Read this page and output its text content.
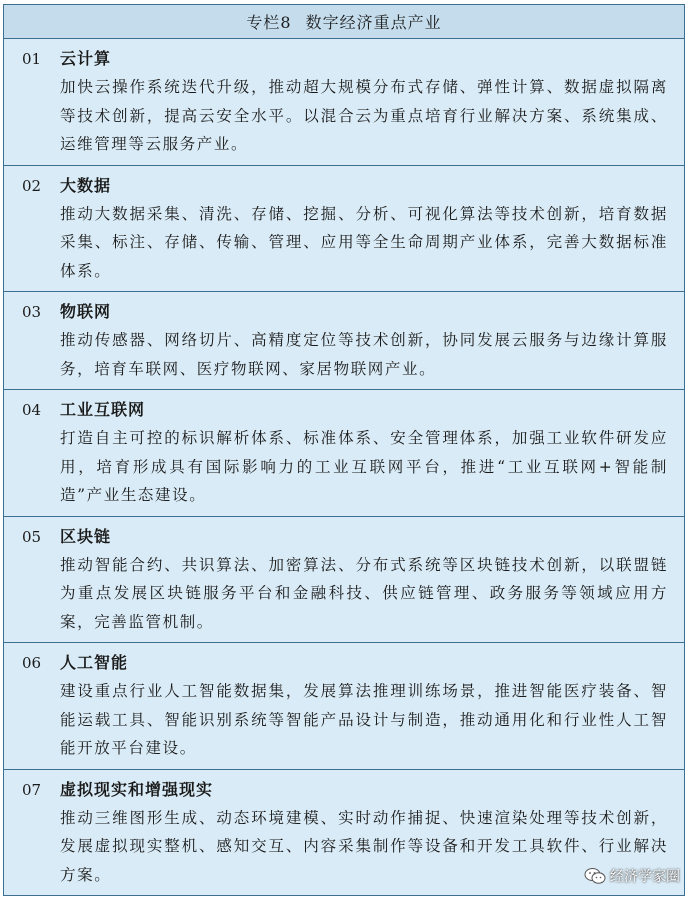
专栏8 数字经济重点产业
01	云计算
加快云操作系统迭代升级，推动超大规模分布式存储、弹性计算、数据虚拟隔离等技术创新，提高云安全水平。以混合云为重点培育行业解决方案、系统集成、运维管理等云服务产业。
02	大数据
推动大数据采集、清洗、存储、挖掘、分析、可视化算法等技术创新，培育数据采集、标注、存储、传输、管理、应用等全生命周期产业体系，完善大数据标准体系。
03	物联网
推动传感器、网络切片、高精度定位等技术创新，协同发展云服务与边缘计算服务，培育车联网、医疗物联网、家居物联网产业。
04	工业互联网
打造自主可控的标识解析体系、标准体系、安全管理体系，加强工业软件研发应用，培育形成具有国际影响力的工业互联网平台，推进“工业互联网+智能制造”产业生态建设。
05	区块链
推动智能合约、共识算法、加密算法、分布式系统等区块链技术创新，以联盟链为重点发展区块链服务平台和金融科技、供应链管理、政务服务等领域应用方案，完善监管机制。
06	人工智能
建设重点行业人工智能数据集，发展算法推理训练场景，推进智能医疗装备、智能运载工具、智能识别系统等智能产品设计与制造，推动通用化和行业性人工智能开放平台建设。
07	虚拟现实和增强现实
推动三维图形生成、动态环境建模、实时动作捕捉、快速渲染处理等技术创新，发展虚拟现实整机、感知交互、内容采集制作等设备和开发工具软件、行业解决方案。	经济学家圈
